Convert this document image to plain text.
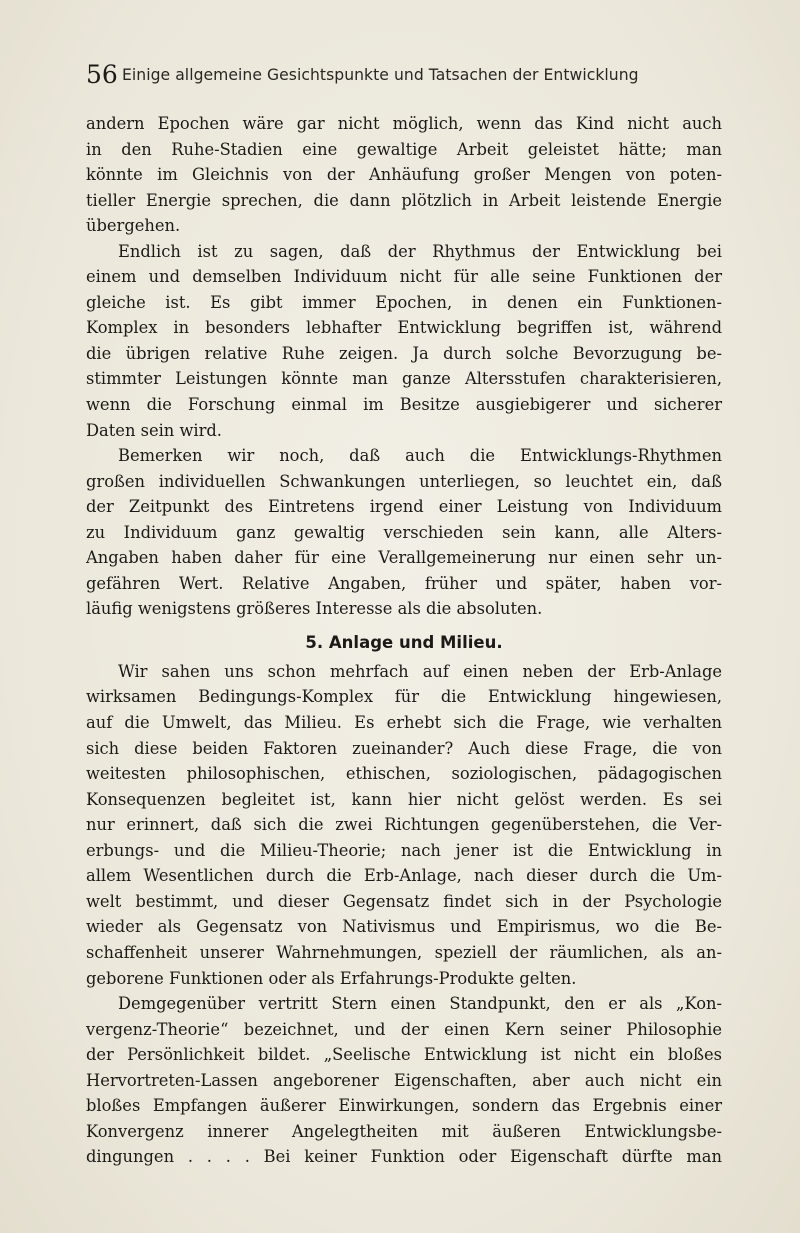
56 Einige allgemeine Gesichtspunkte und Tatsachen der Entwicklung
andern Epochen wäre gar nicht möglich, wenn das Kind nicht auch
in den Ruhe-Stadien eine gewaltige Arbeit geleistet hätte; man
könnte im Gleichnis von der Anhäufung großer Mengen von poten-
tieller Energie sprechen, die dann plötzlich in Arbeit leistende Energie
übergehen.
Endlich ist zu sagen, daß der Rhythmus der Entwicklung bei
einem und demselben Individuum nicht für alle seine Funktionen der
gleiche ist. Es gibt immer Epochen, in denen ein Funktionen-
Komplex in besonders lebhafter Entwicklung begriffen ist, während
die übrigen relative Ruhe zeigen. Ja durch solche Bevorzugung be-
stimmter Leistungen könnte man ganze Altersstufen charakterisieren,
wenn die Forschung einmal im Besitze ausgiebigerer und sicherer
Daten sein wird.
Bemerken wir noch, daß auch die Entwicklungs-Rhythmen
großen individuellen Schwankungen unterliegen, so leuchtet ein, daß
der Zeitpunkt des Eintretens irgend einer Leistung von Individuum
zu Individuum ganz gewaltig verschieden sein kann, alle Alters-
Angaben haben daher für eine Verallgemeinerung nur einen sehr un-
gefähren Wert. Relative Angaben, früher und später, haben vor-
läufig wenigstens größeres Interesse als die absoluten.
5. Anlage und Milieu.
Wir sahen uns schon mehrfach auf einen neben der Erb-Anlage
wirksamen Bedingungs-Komplex für die Entwicklung hingewiesen,
auf die Umwelt, das Milieu. Es erhebt sich die Frage, wie verhalten
sich diese beiden Faktoren zueinander? Auch diese Frage, die von
weitesten philosophischen, ethischen, soziologischen, pädagogischen
Konsequenzen begleitet ist, kann hier nicht gelöst werden. Es sei
nur erinnert, daß sich die zwei Richtungen gegenüberstehen, die Ver-
erbungs- und die Milieu-Theorie; nach jener ist die Entwicklung in
allem Wesentlichen durch die Erb-Anlage, nach dieser durch die Um-
welt bestimmt, und dieser Gegensatz findet sich in der Psychologie
wieder als Gegensatz von Nativismus und Empirismus, wo die Be-
schaffenheit unserer Wahrnehmungen, speziell der räumlichen, als an-
geborene Funktionen oder als Erfahrungs-Produkte gelten.
Demgegenüber vertritt Stern einen Standpunkt, den er als „Kon-
vergenz-Theorie“ bezeichnet, und der einen Kern seiner Philosophie
der Persönlichkeit bildet. „Seelische Entwicklung ist nicht ein bloßes
Hervortreten-Lassen angeborener Eigenschaften, aber auch nicht ein
bloßes Empfangen äußerer Einwirkungen, sondern das Ergebnis einer
Konvergenz innerer Angelegtheiten mit äußeren Entwicklungsbe-
dingungen . . . . Bei keiner Funktion oder Eigenschaft dürfte man
